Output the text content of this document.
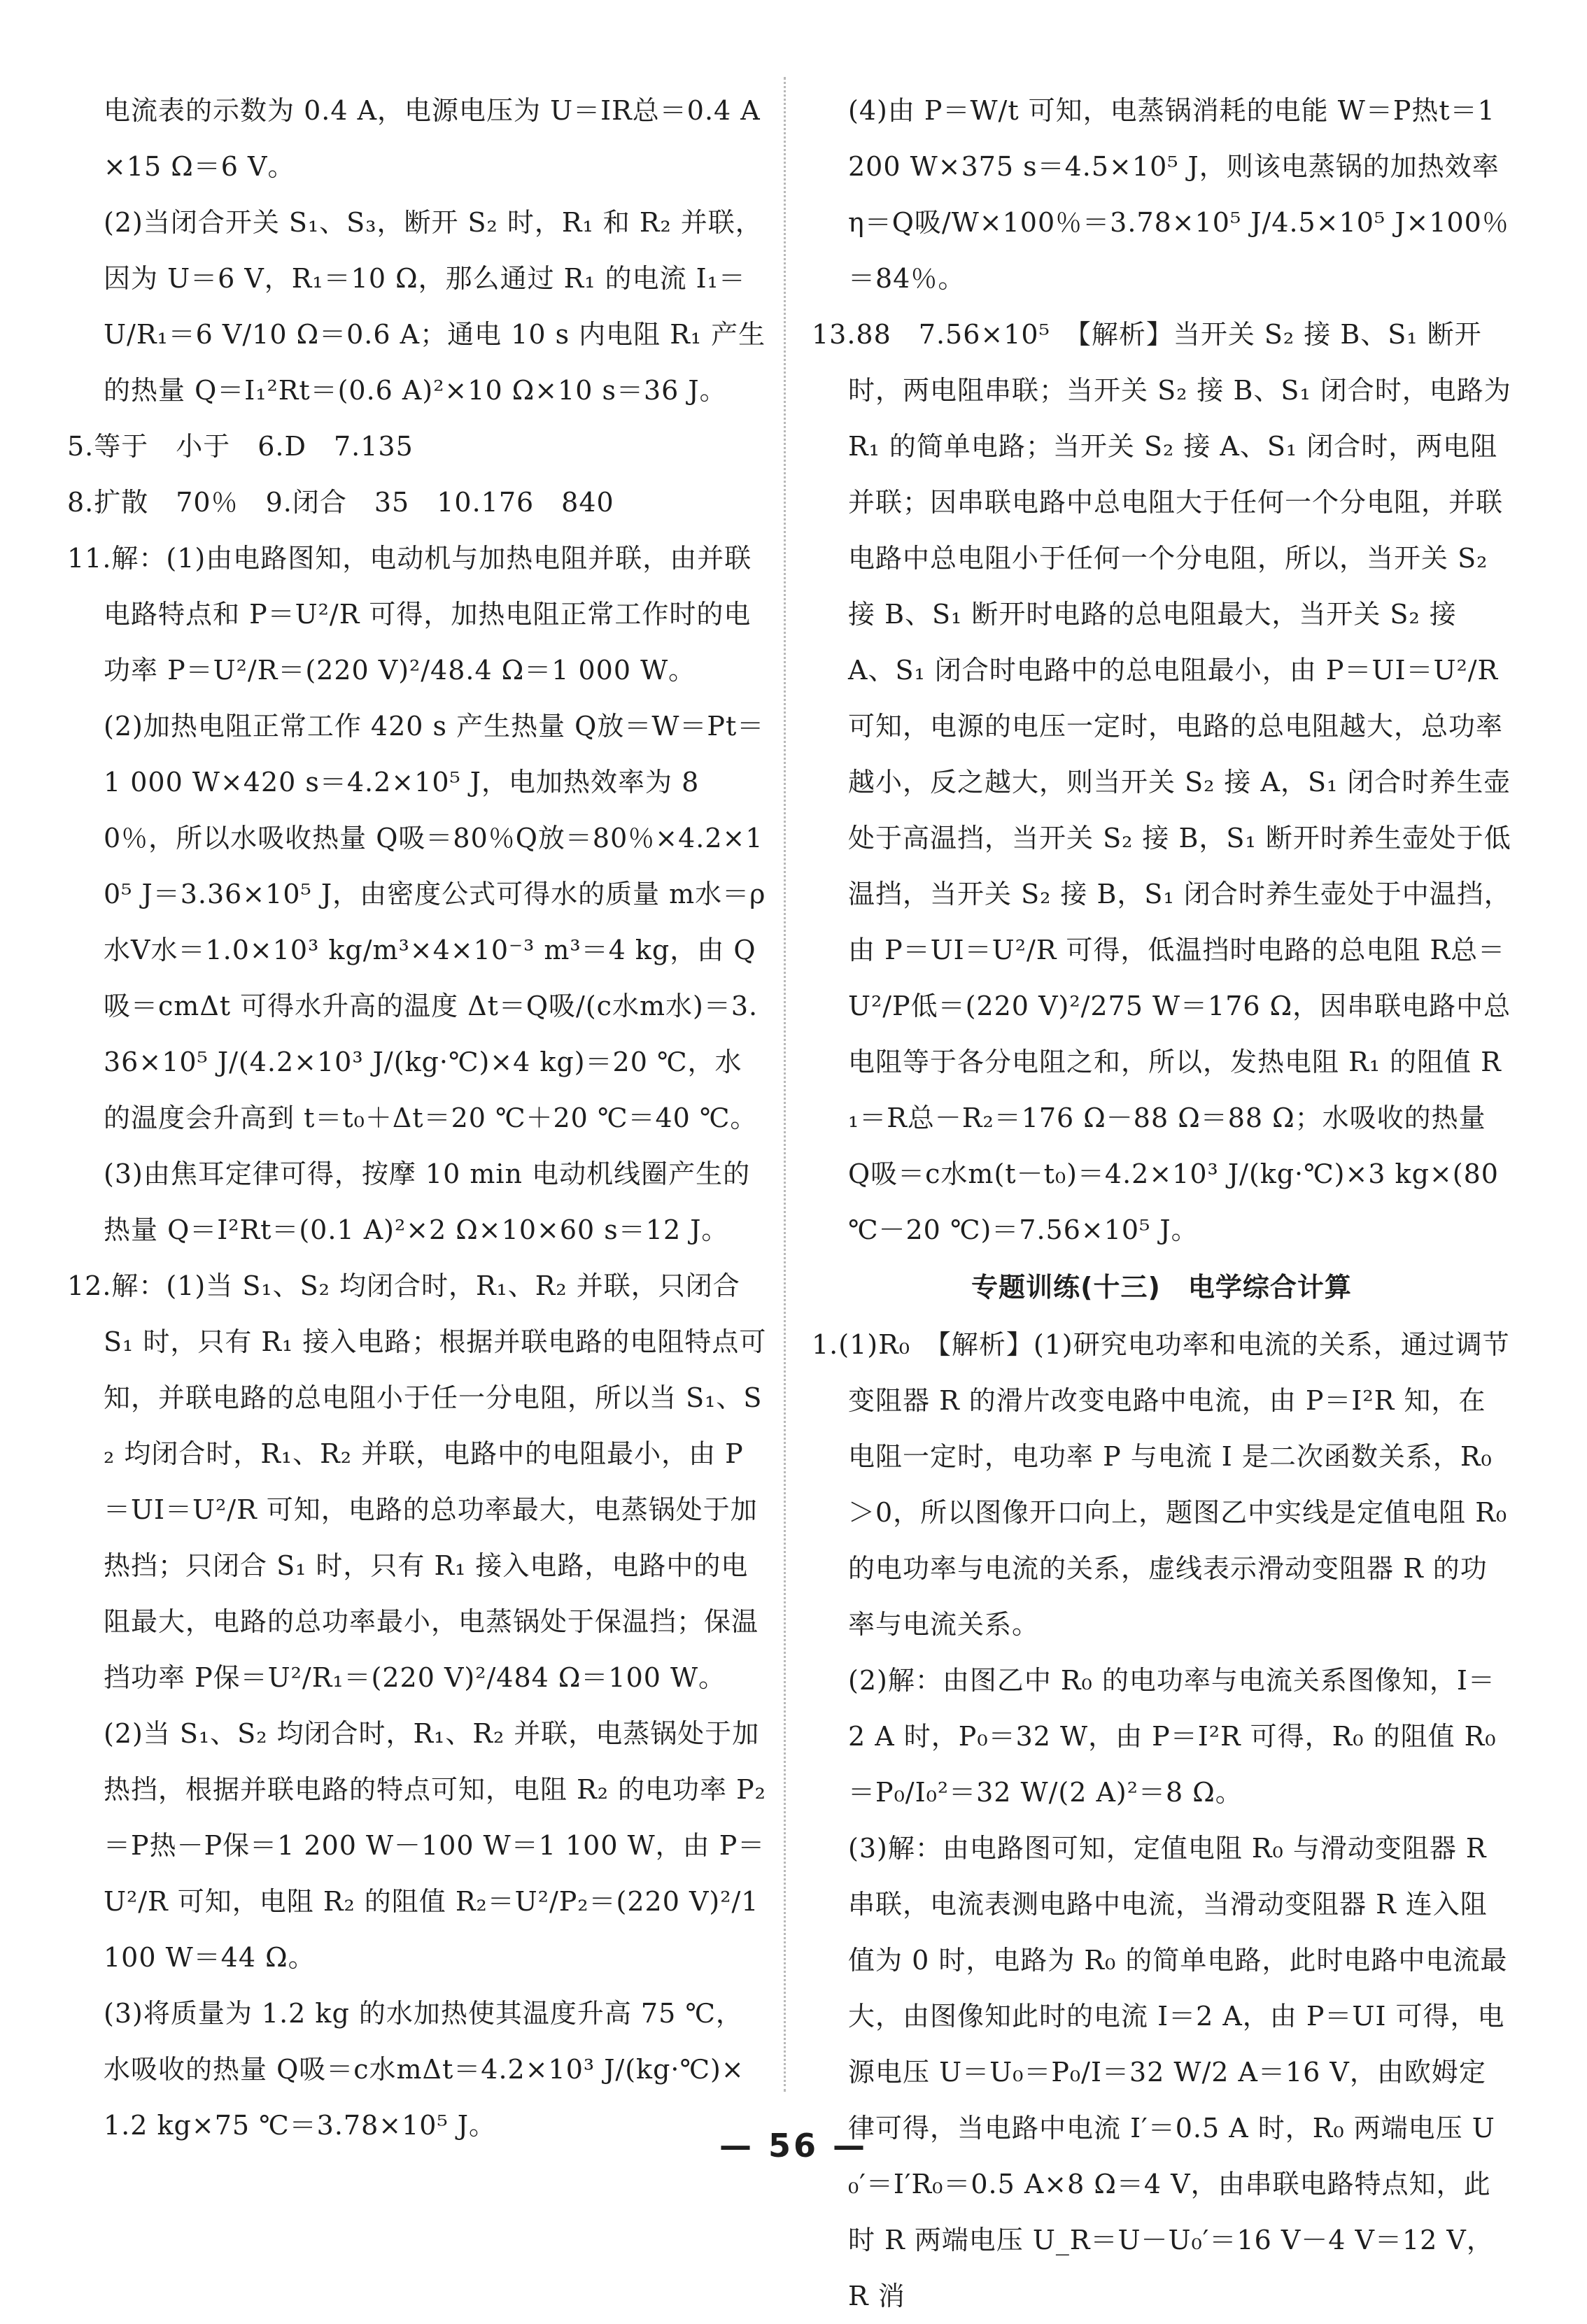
电流表的示数为 0.4 A，电源电压为 U＝IR总＝0.4 A×15 Ω＝6 V。

(2)当闭合开关 S₁、S₃，断开 S₂ 时，R₁ 和 R₂ 并联，因为 U＝6 V，R₁＝10 Ω，那么通过 R₁ 的电流 I₁＝U/R₁＝6 V/10 Ω＝0.6 A；通电 10 s 内电阻 R₁ 产生的热量 Q＝I₁²Rt＝(0.6 A)²×10 Ω×10 s＝36 J。

5.等于　小于　6.D　7.135

8.扩散　70％　9.闭合　35　10.176　840

11.解：(1)由电路图知，电动机与加热电阻并联，由并联电路特点和 P＝U²/R 可得，加热电阻正常工作时的电功率 P＝U²/R＝(220 V)²/48.4 Ω＝1 000 W。

(2)加热电阻正常工作 420 s 产生热量 Q放＝W＝Pt＝1 000 W×420 s＝4.2×10⁵ J，电加热效率为 80％，所以水吸收热量 Q吸＝80％Q放＝80％×4.2×10⁵ J＝3.36×10⁵ J，由密度公式可得水的质量 m水＝ρ水V水＝1.0×10³ kg/m³×4×10⁻³ m³＝4 kg，由 Q吸＝cmΔt 可得水升高的温度 Δt＝Q吸/(c水m水)＝3.36×10⁵ J/(4.2×10³ J/(kg·℃)×4 kg)＝20 ℃，水的温度会升高到 t＝t₀＋Δt＝20 ℃＋20 ℃＝40 ℃。

(3)由焦耳定律可得，按摩 10 min 电动机线圈产生的热量 Q＝I²Rt＝(0.1 A)²×2 Ω×10×60 s＝12 J。

12.解：(1)当 S₁、S₂ 均闭合时，R₁、R₂ 并联，只闭合 S₁ 时，只有 R₁ 接入电路；根据并联电路的电阻特点可知，并联电路的总电阻小于任一分电阻，所以当 S₁、S₂ 均闭合时，R₁、R₂ 并联，电路中的电阻最小，由 P＝UI＝U²/R 可知，电路的总功率最大，电蒸锅处于加热挡；只闭合 S₁ 时，只有 R₁ 接入电路，电路中的电阻最大，电路的总功率最小，电蒸锅处于保温挡；保温挡功率 P保＝U²/R₁＝(220 V)²/484 Ω＝100 W。

(2)当 S₁、S₂ 均闭合时，R₁、R₂ 并联，电蒸锅处于加热挡，根据并联电路的特点可知，电阻 R₂ 的电功率 P₂＝P热－P保＝1 200 W－100 W＝1 100 W，由 P＝U²/R 可知，电阻 R₂ 的阻值 R₂＝U²/P₂＝(220 V)²/1 100 W＝44 Ω。

(3)将质量为 1.2 kg 的水加热使其温度升高 75 ℃，水吸收的热量 Q吸＝c水mΔt＝4.2×10³ J/(kg·℃)×1.2 kg×75 ℃＝3.78×10⁵ J。

(4)由 P＝W/t 可知，电蒸锅消耗的电能 W＝P热t＝1 200 W×375 s＝4.5×10⁵ J，则该电蒸锅的加热效率 η＝Q吸/W×100％＝3.78×10⁵ J/4.5×10⁵ J×100％＝84％。

13.88　7.56×10⁵　【解析】当开关 S₂ 接 B、S₁ 断开时，两电阻串联；当开关 S₂ 接 B、S₁ 闭合时，电路为 R₁ 的简单电路；当开关 S₂ 接 A、S₁ 闭合时，两电阻并联；因串联电路中总电阻大于任何一个分电阻，并联电路中总电阻小于任何一个分电阻，所以，当开关 S₂ 接 B、S₁ 断开时电路的总电阻最大，当开关 S₂ 接 A、S₁ 闭合时电路中的总电阻最小，由 P＝UI＝U²/R 可知，电源的电压一定时，电路的总电阻越大，总功率越小，反之越大，则当开关 S₂ 接 A，S₁ 闭合时养生壶处于高温挡，当开关 S₂ 接 B，S₁ 断开时养生壶处于低温挡，当开关 S₂ 接 B，S₁ 闭合时养生壶处于中温挡，由 P＝UI＝U²/R 可得，低温挡时电路的总电阻 R总＝U²/P低＝(220 V)²/275 W＝176 Ω，因串联电路中总电阻等于各分电阻之和，所以，发热电阻 R₁ 的阻值 R₁＝R总－R₂＝176 Ω－88 Ω＝88 Ω；水吸收的热量 Q吸＝c水m(t－t₀)＝4.2×10³ J/(kg·℃)×3 kg×(80 ℃－20 ℃)＝7.56×10⁵ J。

专题训练(十三)　电学综合计算

1.(1)R₀　【解析】(1)研究电功率和电流的关系，通过调节变阻器 R 的滑片改变电路中电流，由 P＝I²R 知，在电阻一定时，电功率 P 与电流 I 是二次函数关系，R₀＞0，所以图像开口向上，题图乙中实线是定值电阻 R₀ 的电功率与电流的关系，虚线表示滑动变阻器 R 的功率与电流关系。

(2)解：由图乙中 R₀ 的电功率与电流关系图像知，I＝2 A 时，P₀＝32 W，由 P＝I²R 可得，R₀ 的阻值 R₀＝P₀/I₀²＝32 W/(2 A)²＝8 Ω。

(3)解：由电路图可知，定值电阻 R₀ 与滑动变阻器 R 串联，电流表测电路中电流，当滑动变阻器 R 连入阻值为 0 时，电路为 R₀ 的简单电路，此时电路中电流最大，由图像知此时的电流 I＝2 A，由 P＝UI 可得，电源电压 U＝U₀＝P₀/I＝32 W/2 A＝16 V，由欧姆定律可得，当电路中电流 I′＝0.5 A 时，R₀ 两端电压 U₀′＝I′R₀＝0.5 A×8 Ω＝4 V，由串联电路特点知，此时 R 两端电压 U_R＝U－U₀′＝16 V－4 V＝12 V，R 消

— 56 —
